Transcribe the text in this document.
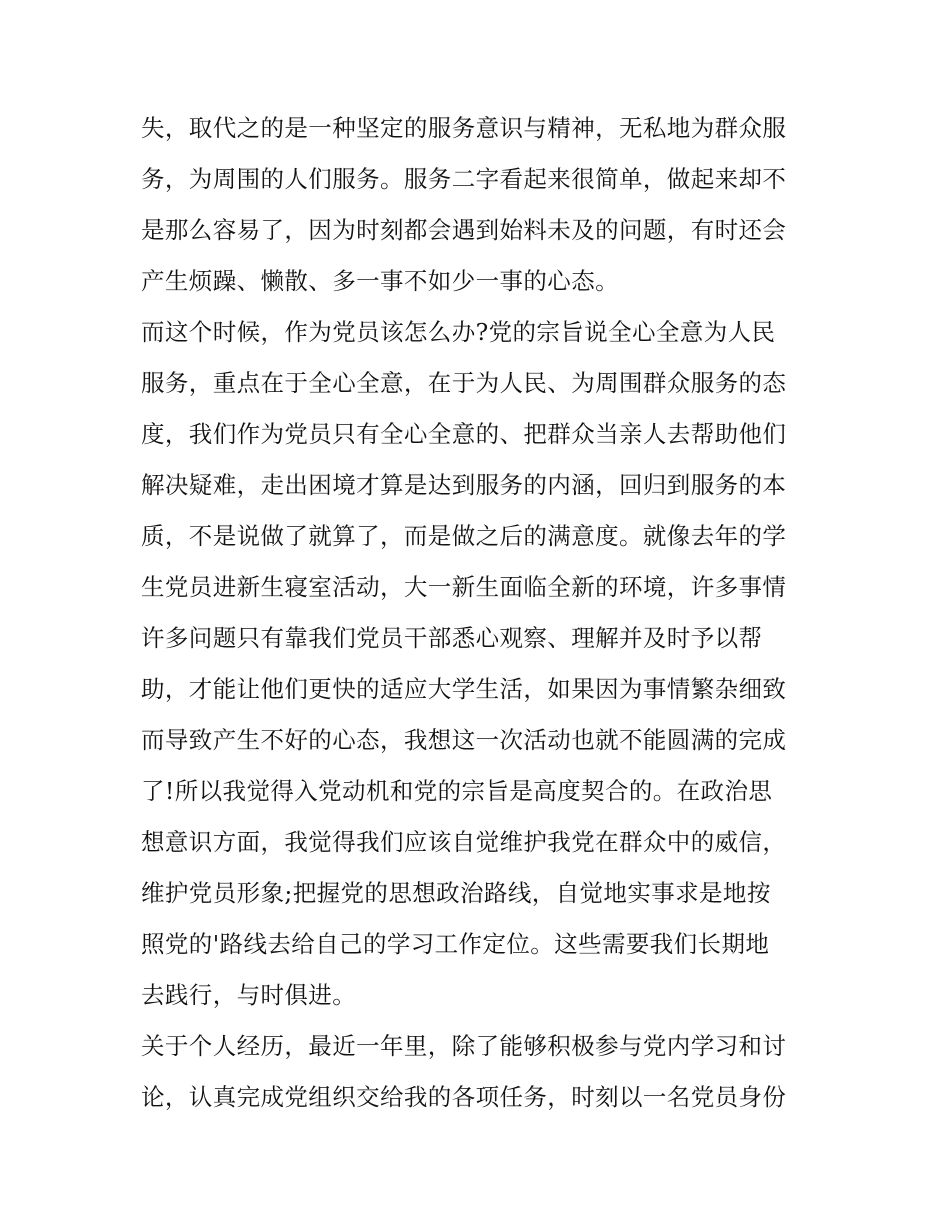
失，取代之的是一种坚定的服务意识与精神，无私地为群众服
务，为周围的人们服务。服务二字看起来很简单，做起来却不
是那么容易了，因为时刻都会遇到始料未及的问题，有时还会
产生烦躁、懒散、多一事不如少一事的心态。
而这个时候，作为党员该怎么办?党的宗旨说全心全意为人民
服务，重点在于全心全意，在于为人民、为周围群众服务的态
度，我们作为党员只有全心全意的、把群众当亲人去帮助他们
解决疑难，走出困境才算是达到服务的内涵，回归到服务的本
质，不是说做了就算了，而是做之后的满意度。就像去年的学
生党员进新生寝室活动，大一新生面临全新的环境，许多事情
许多问题只有靠我们党员干部悉心观察、理解并及时予以帮
助，才能让他们更快的适应大学生活，如果因为事情繁杂细致
而导致产生不好的心态，我想这一次活动也就不能圆满的完成
了!所以我觉得入党动机和党的宗旨是高度契合的。在政治思
想意识方面，我觉得我们应该自觉维护我党在群众中的威信，
维护党员形象;把握党的思想政治路线，自觉地实事求是地按
照党的'路线去给自己的学习工作定位。这些需要我们长期地
去践行，与时俱进。
关于个人经历，最近一年里，除了能够积极参与党内学习和讨
论，认真完成党组织交给我的各项任务，时刻以一名党员身份
